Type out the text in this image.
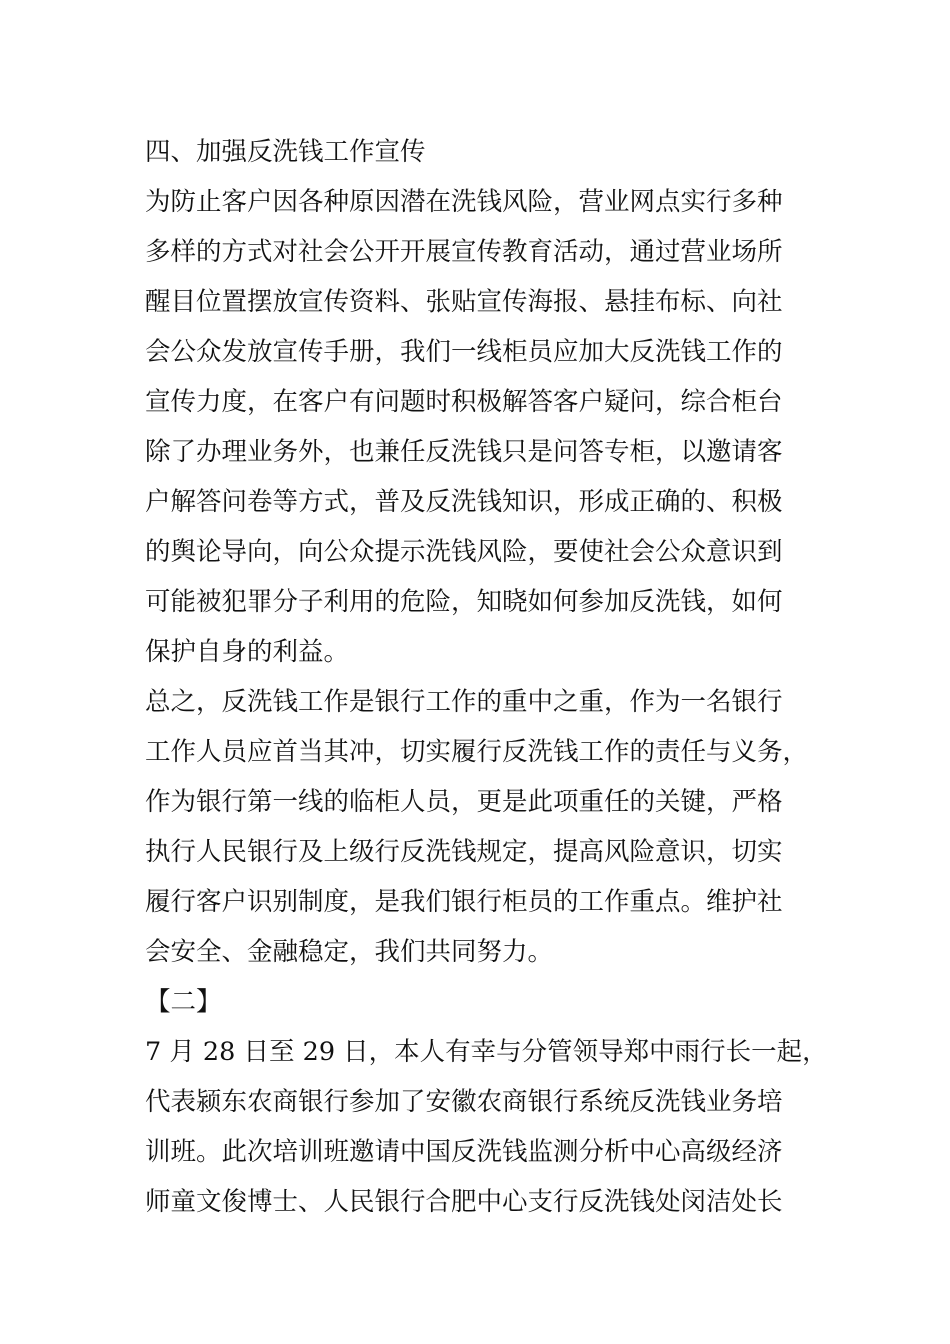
四、加强反洗钱工作宣传
为防止客户因各种原因潜在洗钱风险，营业网点实行多种
多样的方式对社会公开开展宣传教育活动，通过营业场所
醒目位置摆放宣传资料、张贴宣传海报、悬挂布标、向社
会公众发放宣传手册，我们一线柜员应加大反洗钱工作的
宣传力度，在客户有问题时积极解答客户疑问，综合柜台
除了办理业务外，也兼任反洗钱只是问答专柜，以邀请客
户解答问卷等方式，普及反洗钱知识，形成正确的、积极
的舆论导向，向公众提示洗钱风险，要使社会公众意识到
可能被犯罪分子利用的危险，知晓如何参加反洗钱，如何
保护自身的利益。
总之，反洗钱工作是银行工作的重中之重，作为一名银行
工作人员应首当其冲，切实履行反洗钱工作的责任与义务，
作为银行第一线的临柜人员，更是此项重任的关键，严格
执行人民银行及上级行反洗钱规定，提高风险意识，切实
履行客户识别制度，是我们银行柜员的工作重点。维护社
会安全、金融稳定，我们共同努力。
【二】
7 月 28 日至 29 日，本人有幸与分管领导郑中雨行长一起，
代表颍东农商银行参加了安徽农商银行系统反洗钱业务培
训班。此次培训班邀请中国反洗钱监测分析中心高级经济
师童文俊博士、人民银行合肥中心支行反洗钱处闵洁处长
